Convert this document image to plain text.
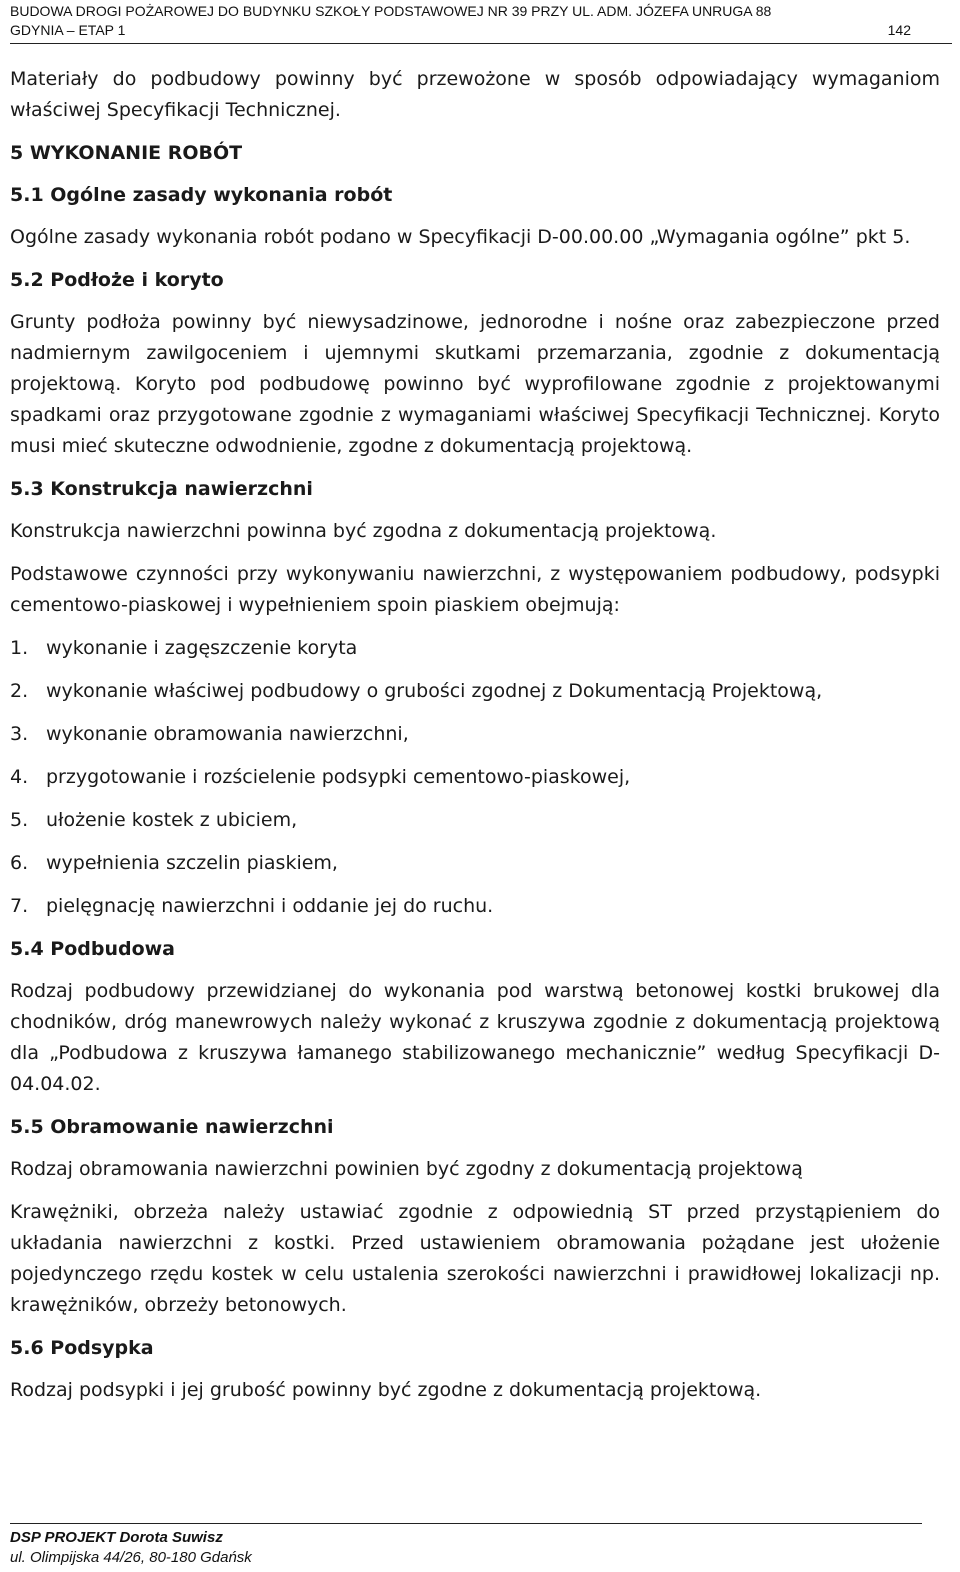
BUDOWA DROGI POŻAROWEJ DO BUDYNKU SZKOŁY PODSTAWOWEJ NR 39 PRZY UL. ADM. JÓZEFA UNRUGA 88
GDYNIA – ETAP 1	142

Materiały do podbudowy powinny być przewożone w sposób odpowiadający wymaganiom właściwej Specyfikacji Technicznej.

5 WYKONANIE ROBÓT
5.1 Ogólne zasady wykonania robót

Ogólne zasady wykonania robót podano w Specyfikacji D-00.00.00 „Wymagania ogólne” pkt 5.

5.2 Podłoże i koryto

Grunty podłoża powinny być niewysadzinowe, jednorodne i nośne oraz zabezpieczone przed nadmiernym zawilgoceniem i ujemnymi skutkami przemarzania, zgodnie z dokumentacją projektową. Koryto pod podbudowę powinno być wyprofilowane zgodnie z projektowanymi spadkami oraz przygotowane zgodnie z wymaganiami właściwej Specyfikacji Technicznej. Koryto musi mieć skuteczne odwodnienie, zgodne z dokumentacją projektową.

5.3 Konstrukcja nawierzchni

Konstrukcja nawierzchni powinna być zgodna z dokumentacją projektową.

Podstawowe czynności przy wykonywaniu nawierzchni, z występowaniem podbudowy, podsypki cementowo-piaskowej i wypełnieniem spoin piaskiem obejmują:

1. wykonanie i zagęszczenie koryta
2. wykonanie właściwej podbudowy o grubości zgodnej z Dokumentacją Projektową,
3. wykonanie obramowania nawierzchni,
4. przygotowanie i rozścielenie podsypki cementowo-piaskowej,
5. ułożenie kostek z ubiciem,
6. wypełnienia szczelin piaskiem,
7. pielęgnację nawierzchni i oddanie jej do ruchu.
5.4 Podbudowa

Rodzaj podbudowy przewidzianej do wykonania pod warstwą betonowej kostki brukowej dla chodników, dróg manewrowych należy wykonać z kruszywa zgodnie z dokumentacją projektową dla „Podbudowa z kruszywa łamanego stabilizowanego mechanicznie” według Specyfikacji D-04.04.02.

5.5 Obramowanie nawierzchni

Rodzaj obramowania nawierzchni powinien być zgodny z dokumentacją projektową

Krawężniki, obrzeża należy ustawiać zgodnie z odpowiednią ST przed przystąpieniem do układania nawierzchni z kostki. Przed ustawieniem obramowania pożądane jest ułożenie pojedynczego rzędu kostek w celu ustalenia szerokości nawierzchni i prawidłowej lokalizacji np. krawężników, obrzeży betonowych.

5.6 Podsypka

Rodzaj podsypki i jej grubość powinny być zgodne z dokumentacją projektową.

DSP PROJEKT Dorota Suwisz
ul. Olimpijska 44/26, 80-180 Gdańsk
